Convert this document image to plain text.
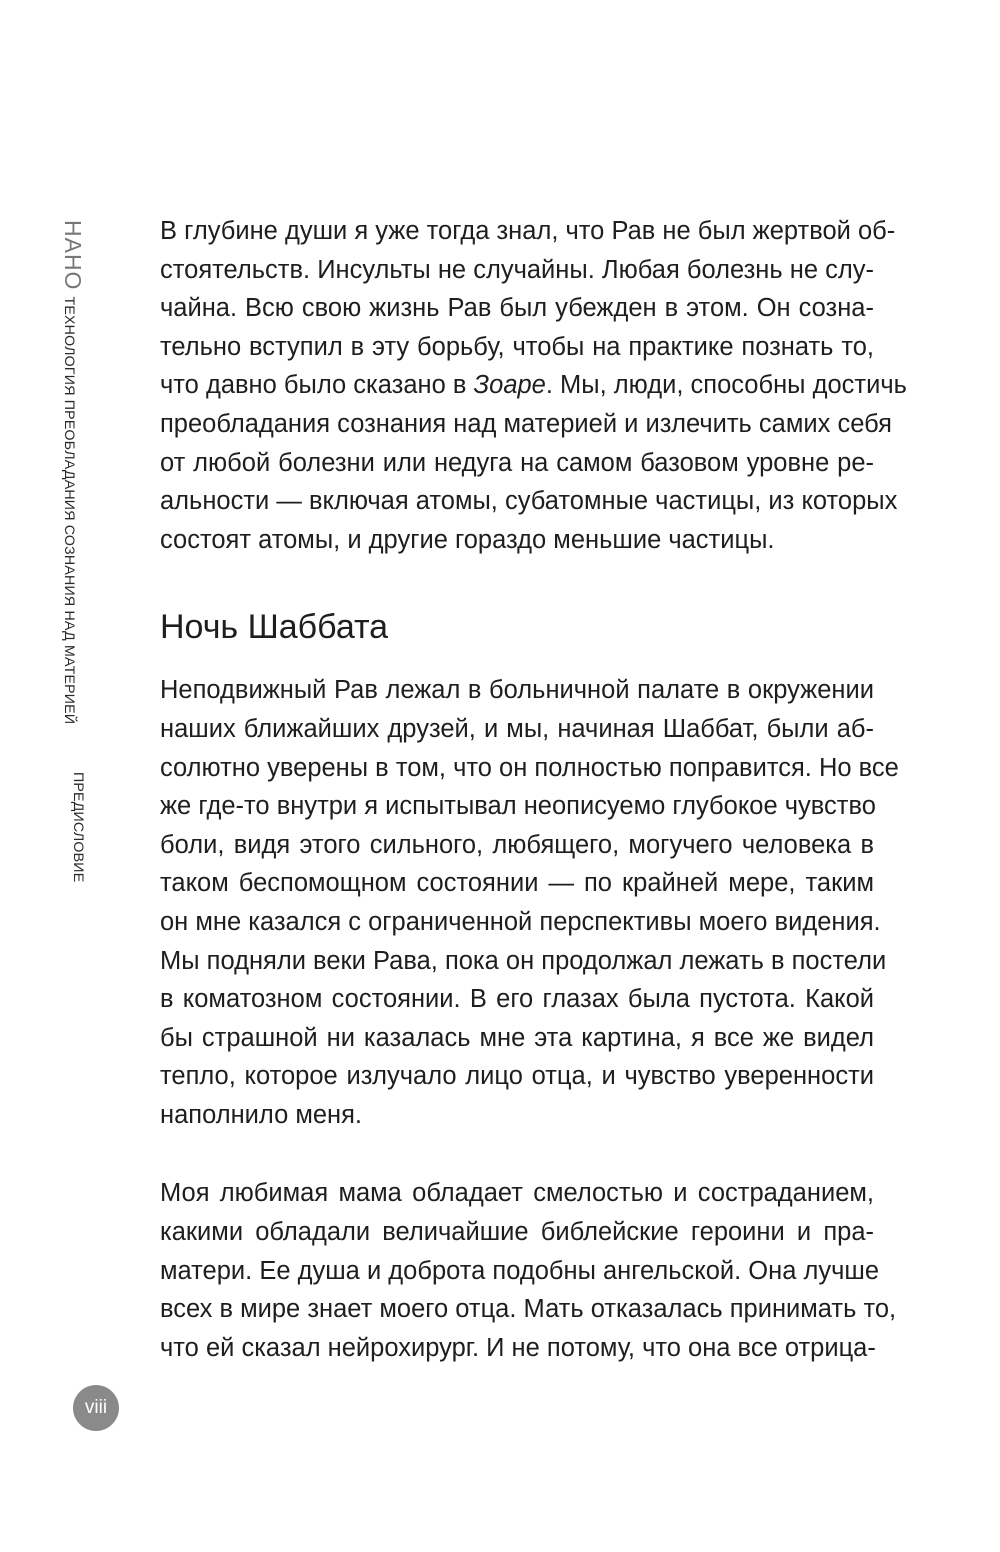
НАНО
ТЕХНОЛОГИЯ ПРЕОБЛАДАНИЯ СОЗНАНИЯ НАД МАТЕРИЕЙ
ПРЕДИСЛОВИЕ
В глубине души я уже тогда знал, что Рав не был жертвой об-
стоятельств. Инсульты не случайны. Любая болезнь не слу-
чайна. Всю свою жизнь Рав был убежден в этом. Он созна-
тельно вступил в эту борьбу, чтобы на практике познать то,
что давно было сказано в Зоаре. Мы, люди, способны достичь
преобладания сознания над материей и излечить самих себя
от любой болезни или недуга на самом базовом уровне ре-
альности — включая атомы, субатомные частицы, из которых
состоят атомы, и другие гораздо меньшие частицы.
Ночь Шаббата
Неподвижный Рав лежал в больничной палате в окружении
наших ближайших друзей, и мы, начиная Шаббат, были аб-
солютно уверены в том, что он полностью поправится. Но все
же где-то внутри я испытывал неописуемо глубокое чувство
боли, видя этого сильного, любящего, могучего человека в
таком беспомощном состоянии — по крайней мере, таким
он мне казался с ограниченной перспективы моего видения.
Мы подняли веки Рава, пока он продолжал лежать в постели
в коматозном состоянии. В его глазах была пустота. Какой
бы страшной ни казалась мне эта картина, я все же видел
тепло, которое излучало лицо отца, и чувство уверенности
наполнило меня.
Моя любимая мама обладает смелостью и состраданием,
какими обладали величайшие библейские героини и пра-
матери. Ее душа и доброта подобны ангельской. Она лучше
всех в мире знает моего отца. Мать отказалась принимать то,
что ей сказал нейрохирург. И не потому, что она все отрица-
viii
